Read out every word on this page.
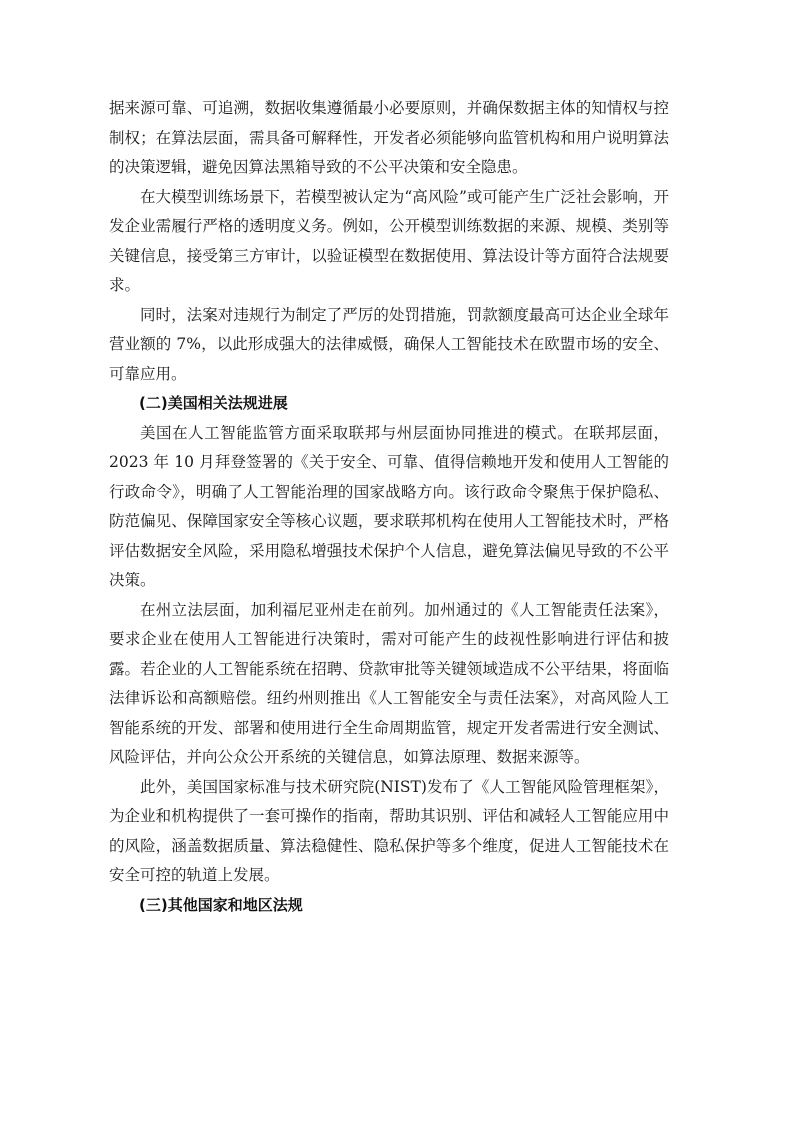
据来源可靠、可追溯，数据收集遵循最小必要原则，并确保数据主体的知情权与控制权；在算法层面，需具备可解释性，开发者必须能够向监管机构和用户说明算法的决策逻辑，避免因算法黑箱导致的不公平决策和安全隐患。

在大模型训练场景下，若模型被认定为“高风险”或可能产生广泛社会影响，开发企业需履行严格的透明度义务。例如，公开模型训练数据的来源、规模、类别等关键信息，接受第三方审计，以验证模型在数据使用、算法设计等方面符合法规要求。

同时，法案对违规行为制定了严厉的处罚措施，罚款额度最高可达企业全球年营业额的 7%，以此形成强大的法律威慑，确保人工智能技术在欧盟市场的安全、可靠应用。

(二)美国相关法规进展

美国在人工智能监管方面采取联邦与州层面协同推进的模式。在联邦层面，2023 年 10 月拜登签署的《关于安全、可靠、值得信赖地开发和使用人工智能的行政命令》，明确了人工智能治理的国家战略方向。该行政命令聚焦于保护隐私、防范偏见、保障国家安全等核心议题，要求联邦机构在使用人工智能技术时，严格评估数据安全风险，采用隐私增强技术保护个人信息，避免算法偏见导致的不公平决策。

在州立法层面，加利福尼亚州走在前列。加州通过的《人工智能责任法案》，要求企业在使用人工智能进行决策时，需对可能产生的歧视性影响进行评估和披露。若企业的人工智能系统在招聘、贷款审批等关键领域造成不公平结果，将面临法律诉讼和高额赔偿。纽约州则推出《人工智能安全与责任法案》，对高风险人工智能系统的开发、部署和使用进行全生命周期监管，规定开发者需进行安全测试、风险评估，并向公众公开系统的关键信息，如算法原理、数据来源等。

此外，美国国家标准与技术研究院(NIST)发布了《人工智能风险管理框架》，为企业和机构提供了一套可操作的指南，帮助其识别、评估和减轻人工智能应用中的风险，涵盖数据质量、算法稳健性、隐私保护等多个维度，促进人工智能技术在安全可控的轨道上发展。

(三)其他国家和地区法规
